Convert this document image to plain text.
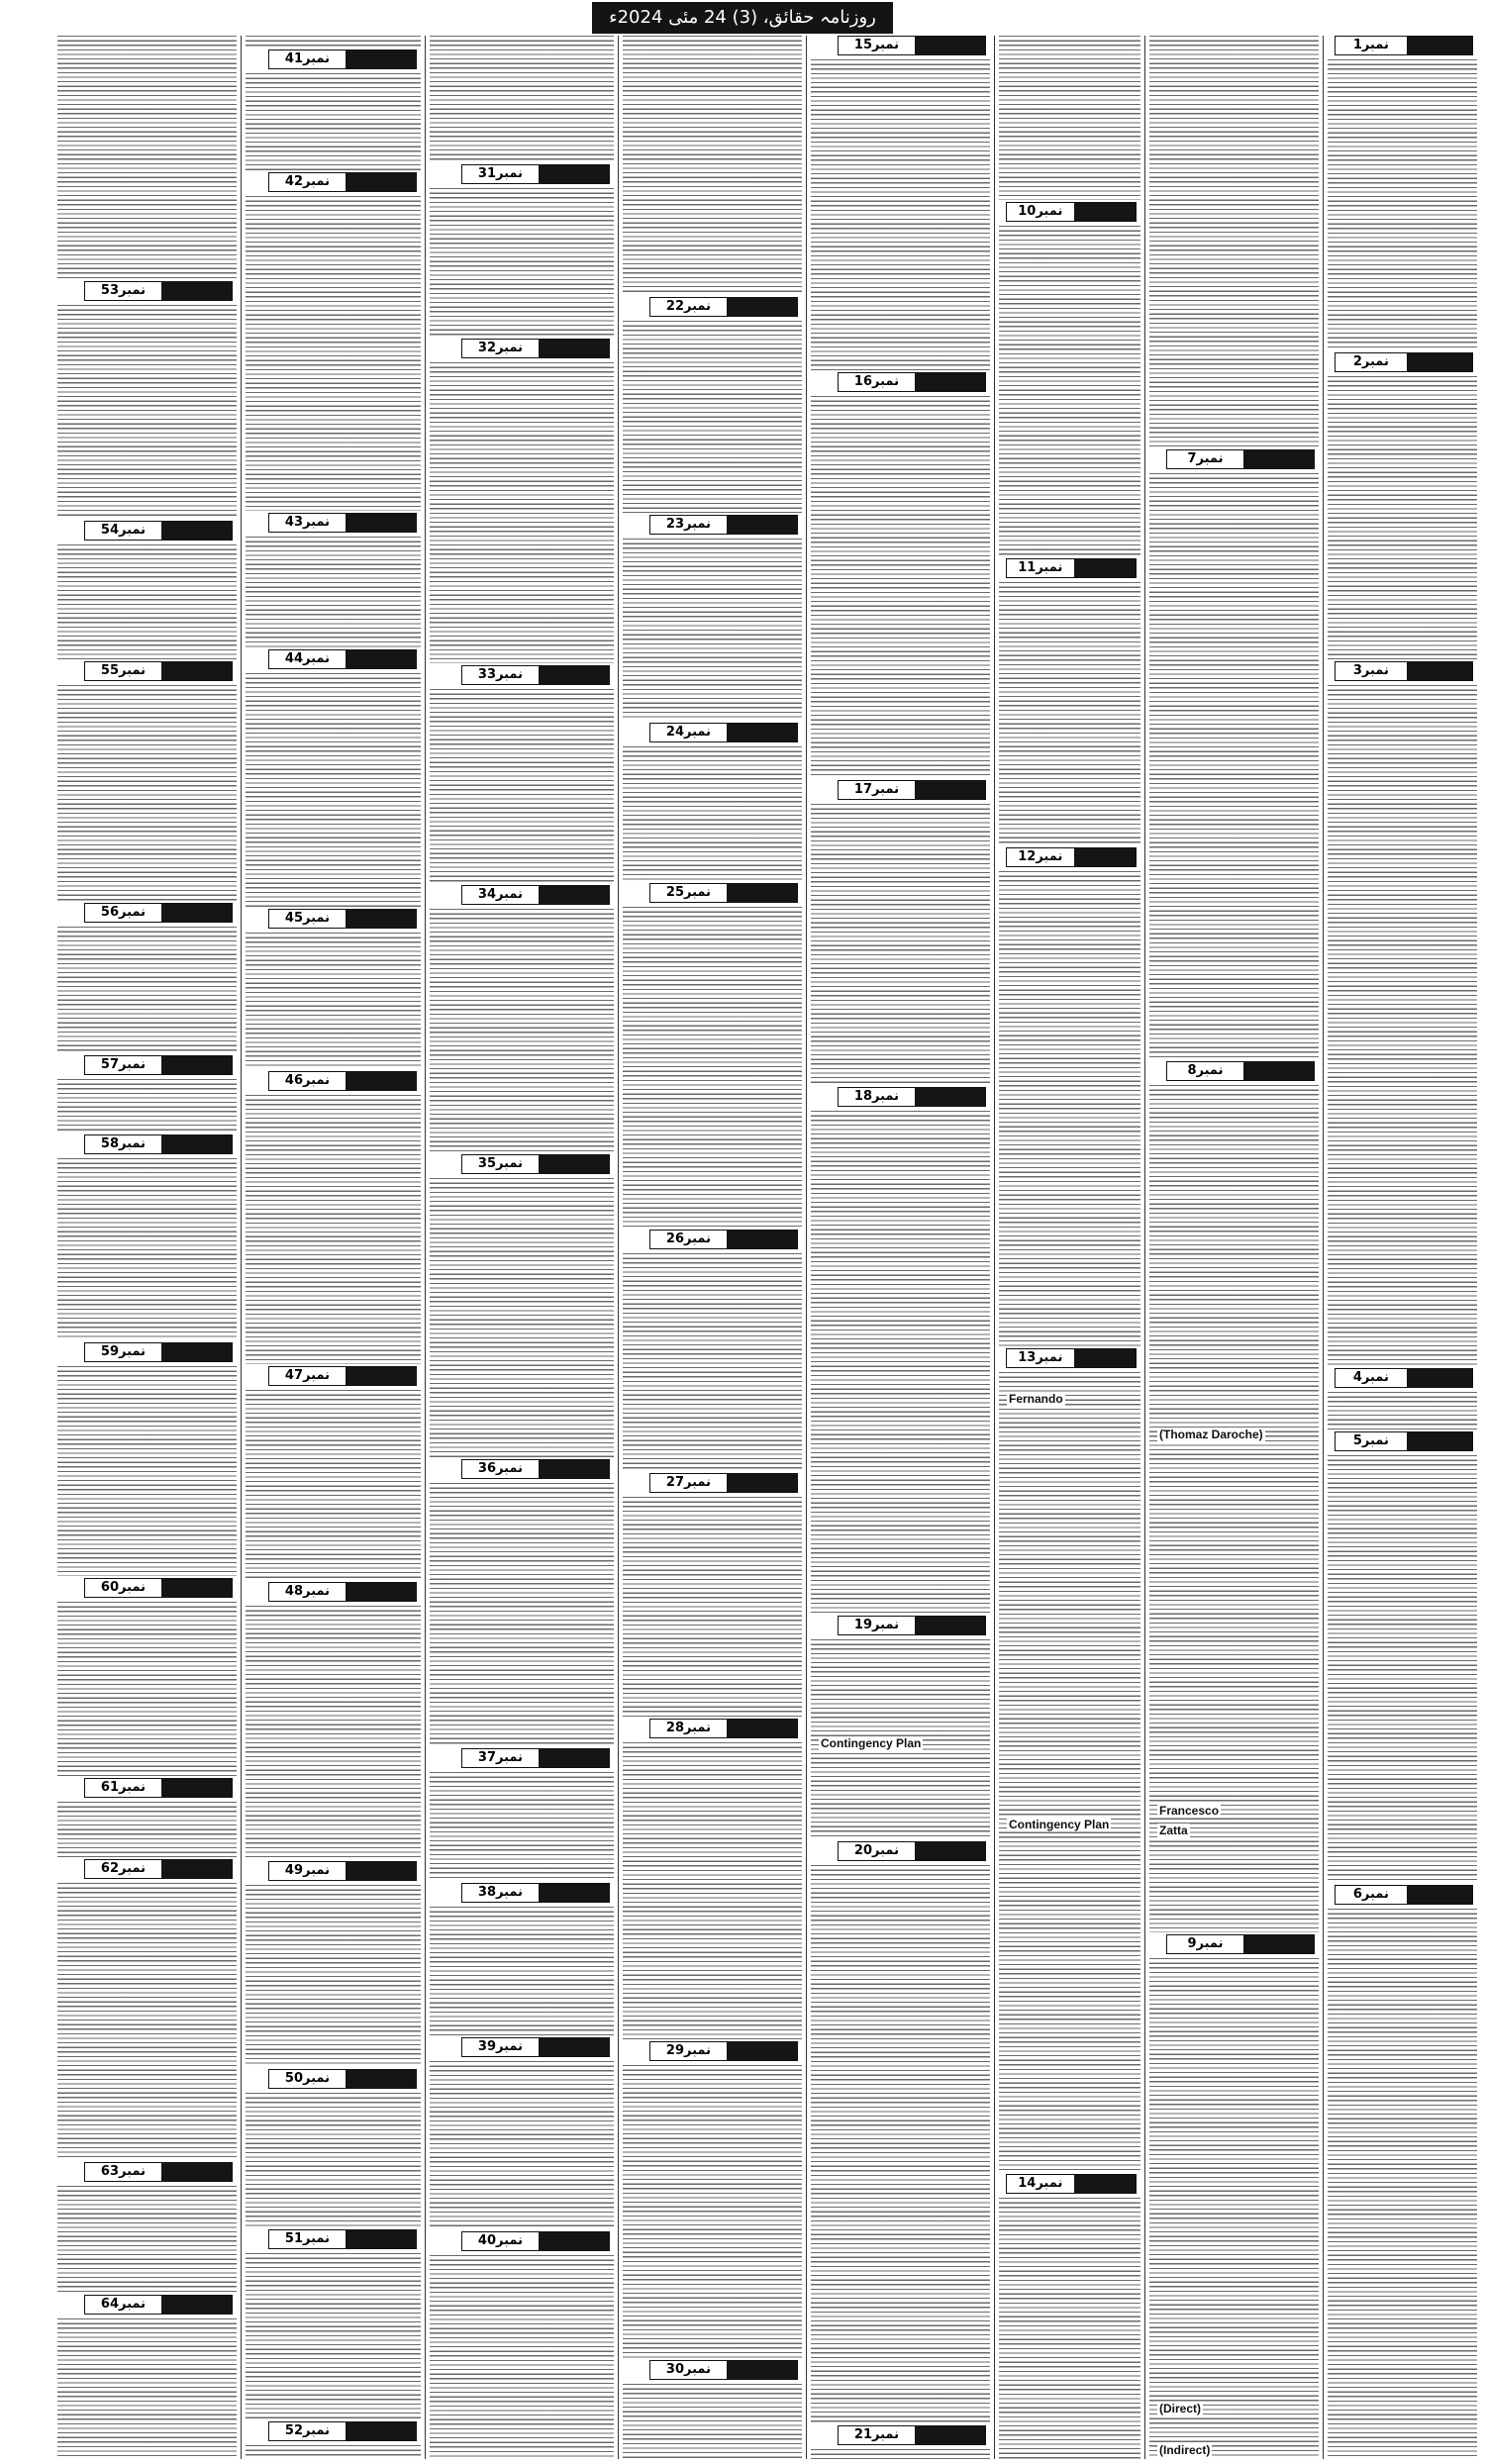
روزنامہ حقائق، (3) 24 مئی 2024ء
نمبر1
نمبر2
نمبر3
نمبر4
نمبر5
نمبر6
نمبر7
نمبر8
نمبر9
(Thomaz Daroche)
Francesco
Zatta
(Direct)
(Indirect)
نمبر10
نمبر11
نمبر12
نمبر13
نمبر14
Fernando
Contingency Plan
نمبر15
نمبر16
نمبر17
نمبر18
نمبر19
نمبر20
نمبر21
Contingency Plan
نمبر22
نمبر23
نمبر24
نمبر25
نمبر26
نمبر27
نمبر28
نمبر29
نمبر30
نمبر31
نمبر32
نمبر33
نمبر34
نمبر35
نمبر36
نمبر37
نمبر38
نمبر39
نمبر40
نمبر41
نمبر42
نمبر43
نمبر44
نمبر45
نمبر46
نمبر47
نمبر48
نمبر49
نمبر50
نمبر51
نمبر52
نمبر53
نمبر54
نمبر55
نمبر56
نمبر57
نمبر58
نمبر59
نمبر60
نمبر61
نمبر62
نمبر63
نمبر64
